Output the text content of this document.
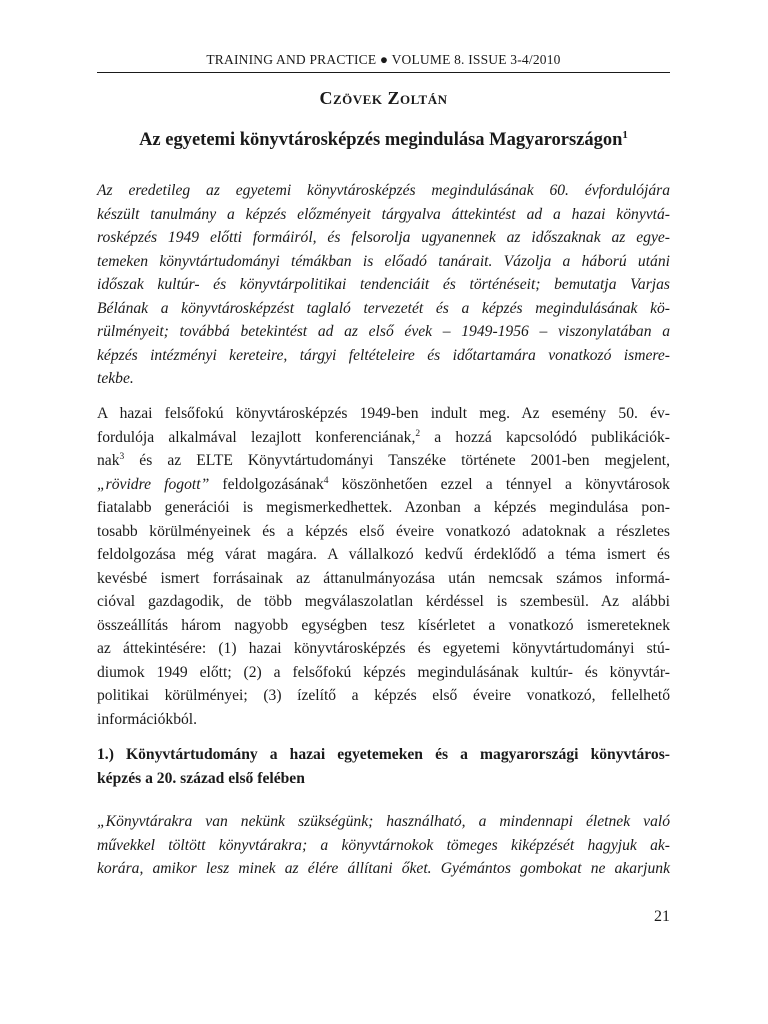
TRAINING AND PRACTICE ● VOLUME 8. ISSUE 3-4/2010
Czövek Zoltán
Az egyetemi könyvtárosképzés megindulása Magyarországon$^1$

Az eredetileg az egyetemi könyvtárosképzés megindulásának 60. évfordulójára
készült tanulmány a képzés előzményeit tárgyalva áttekintést ad a hazai könyvtá-
rosképzés 1949 előtti formáiról, és felsorolja ugyanennek az időszaknak az egye-
temeken könyvtártudományi témákban is előadó tanárait. Vázolja a háború utáni
időszak kultúr- és könyvtárpolitikai tendenciáit és történéseit; bemutatja Varjas
Bélának a könyvtárosképzést taglaló tervezetét és a képzés megindulásának kö-
rülményeit; továbbá betekintést ad az első évek – 1949-1956 – viszonylatában a
képzés intézményi kereteire, tárgyi feltételeire és időtartamára vonatkozó ismere-
tekbe.

A hazai felsőfokú könyvtárosképzés 1949-ben indult meg. Az esemény 50. év-
fordulója alkalmával lezajlott konferenciának,$^2$ a hozzá kapcsolódó publikációk-
nak$^3$ és az ELTE Könyvtártudományi Tanszéke története 2001-ben megjelent,
„rövidre fogott” feldolgozásának$^4$ köszönhetően ezzel a ténnyel a könyvtárosok
fiatalabb generációi is megismerkedhettek. Azonban a képzés megindulása pon-
tosabb körülményeinek és a képzés első éveire vonatkozó adatoknak a részletes
feldolgozása még várat magára. A vállalkozó kedvű érdeklődő a téma ismert és
kevésbé ismert forrásainak az áttanulmányozása után nemcsak számos informá-
cióval gazdagodik, de több megválaszolatlan kérdéssel is szembesül. Az alábbi
összeállítás három nagyobb egységben tesz kísérletet a vonatkozó ismereteknek
az áttekintésére: (1) hazai könyvtárosképzés és egyetemi könyvtártudományi stú-
diumok 1949 előtt; (2) a felsőfokú képzés megindulásának kultúr- és könyvtár-
politikai körülményei; (3) ízelítő a képzés első éveire vonatkozó, fellelhető
információkból.

1.) Könyvtártudomány a hazai egyetemeken és a magyarországi könyvtáros-
képzés a 20. század első felében

„Könyvtárakra van nekünk szükségünk; használható, a mindennapi életnek való
művekkel töltött könyvtárakra; a könyvtárnokok tömeges kiképzését hagyjuk ak-
korára, amikor lesz minek az élére állítani őket. Gyémántos gombokat ne akarjunk

21
